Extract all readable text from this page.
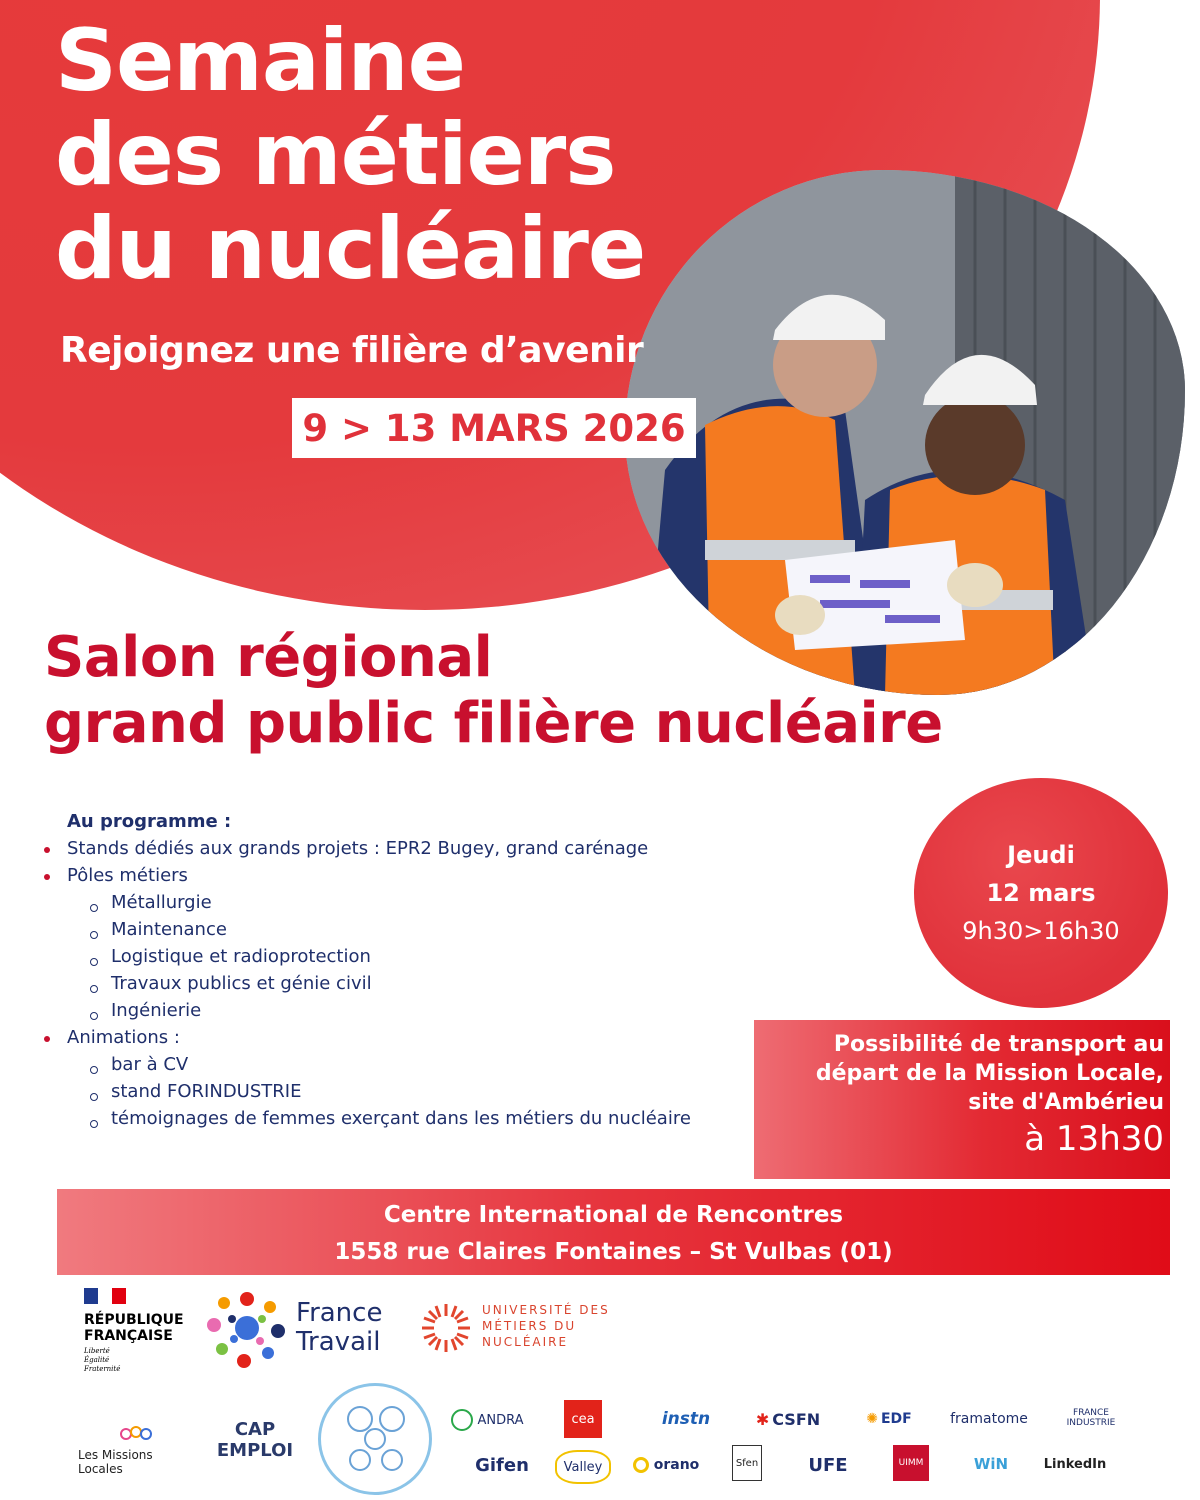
Semaine
des métiers
du nucléaire
Rejoignez une filière d’avenir
9 > 13 MARS 2026
Salon régional
grand public filière nucléaire
Au programme :
Stands dédiés aux grands projets : EPR2 Bugey, grand carénage
Pôles métiers
Métallurgie
Maintenance
Logistique et radioprotection
Travaux publics et génie civil
Ingénierie
Animations :
bar à CV
stand FORINDUSTRIE
témoignages de femmes exerçant dans les métiers du nucléaire
Jeudi
12 mars
9h30>16h30
Possibilité de transport au
départ de la Mission Locale,
site d'Ambérieu
à 13h30
Centre International de Rencontres
1558 rue Claires Fontaines – St Vulbas (01)
RÉPUBLIQUE
FRANÇAISE
Liberté
Égalité
Fraternité
France
Travail
UNIVERSITÉ DES
MÉTIERS DU
NUCLÉAIRE
Les Missions Locales
CAP EMPLOI
ANDRA	cea	instn	✱ CSFN	✺ EDF	framatome	FRANCE INDUSTRIE
Gifen	Valley	orano	Sfen	UFE	UIMM	WiN	LinkedIn
